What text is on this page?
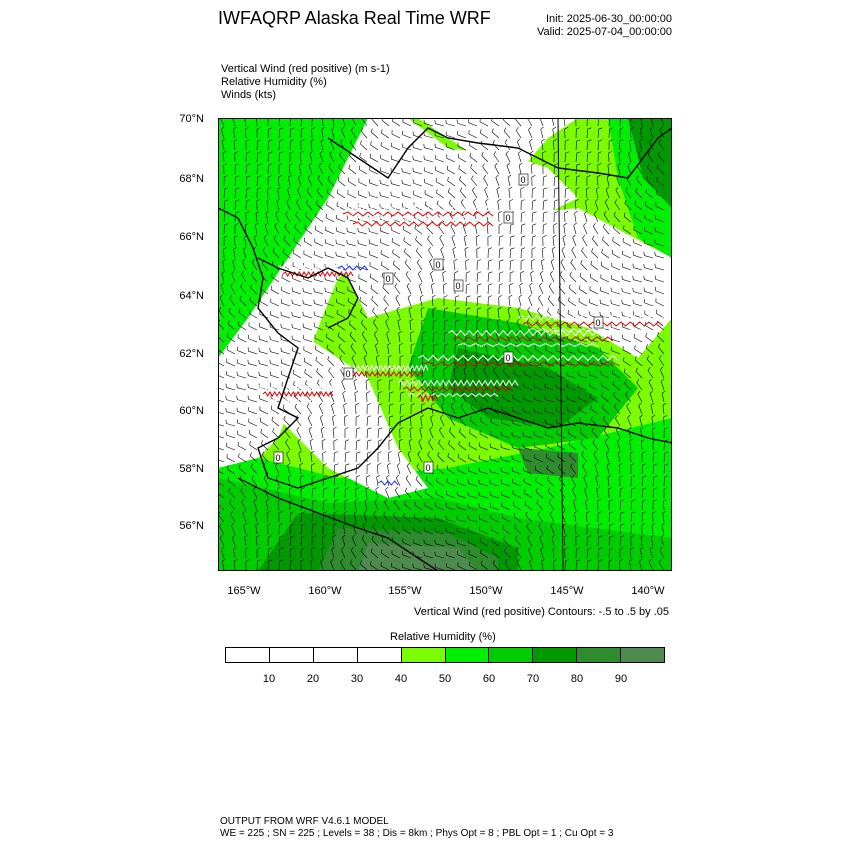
IWFAQRP Alaska Real Time WRF	Init: 2025-06-30_00:00:00
Valid: 2025-07-04_00:00:00
Vertical Wind (red positive) (m s-1)
Relative Humidity (%)
Winds (kts)
70°N
68°N
66°N
64°N
62°N
60°N
58°N
56°N
165°W	160°W	155°W	150°W	145°W	140°W
0
0
0
0
0
0
0
0
0
0
Vertical Wind (red positive) Contours: -.5 to .5 by .05
Relative Humidity (%)
10	20	30	40	50	60	70	80	90
OUTPUT FROM WRF V4.6.1 MODEL
WE = 225 ; SN = 225 ; Levels = 38 ; Dis = 8km ; Phys Opt = 8 ; PBL Opt = 1 ; Cu Opt = 3
